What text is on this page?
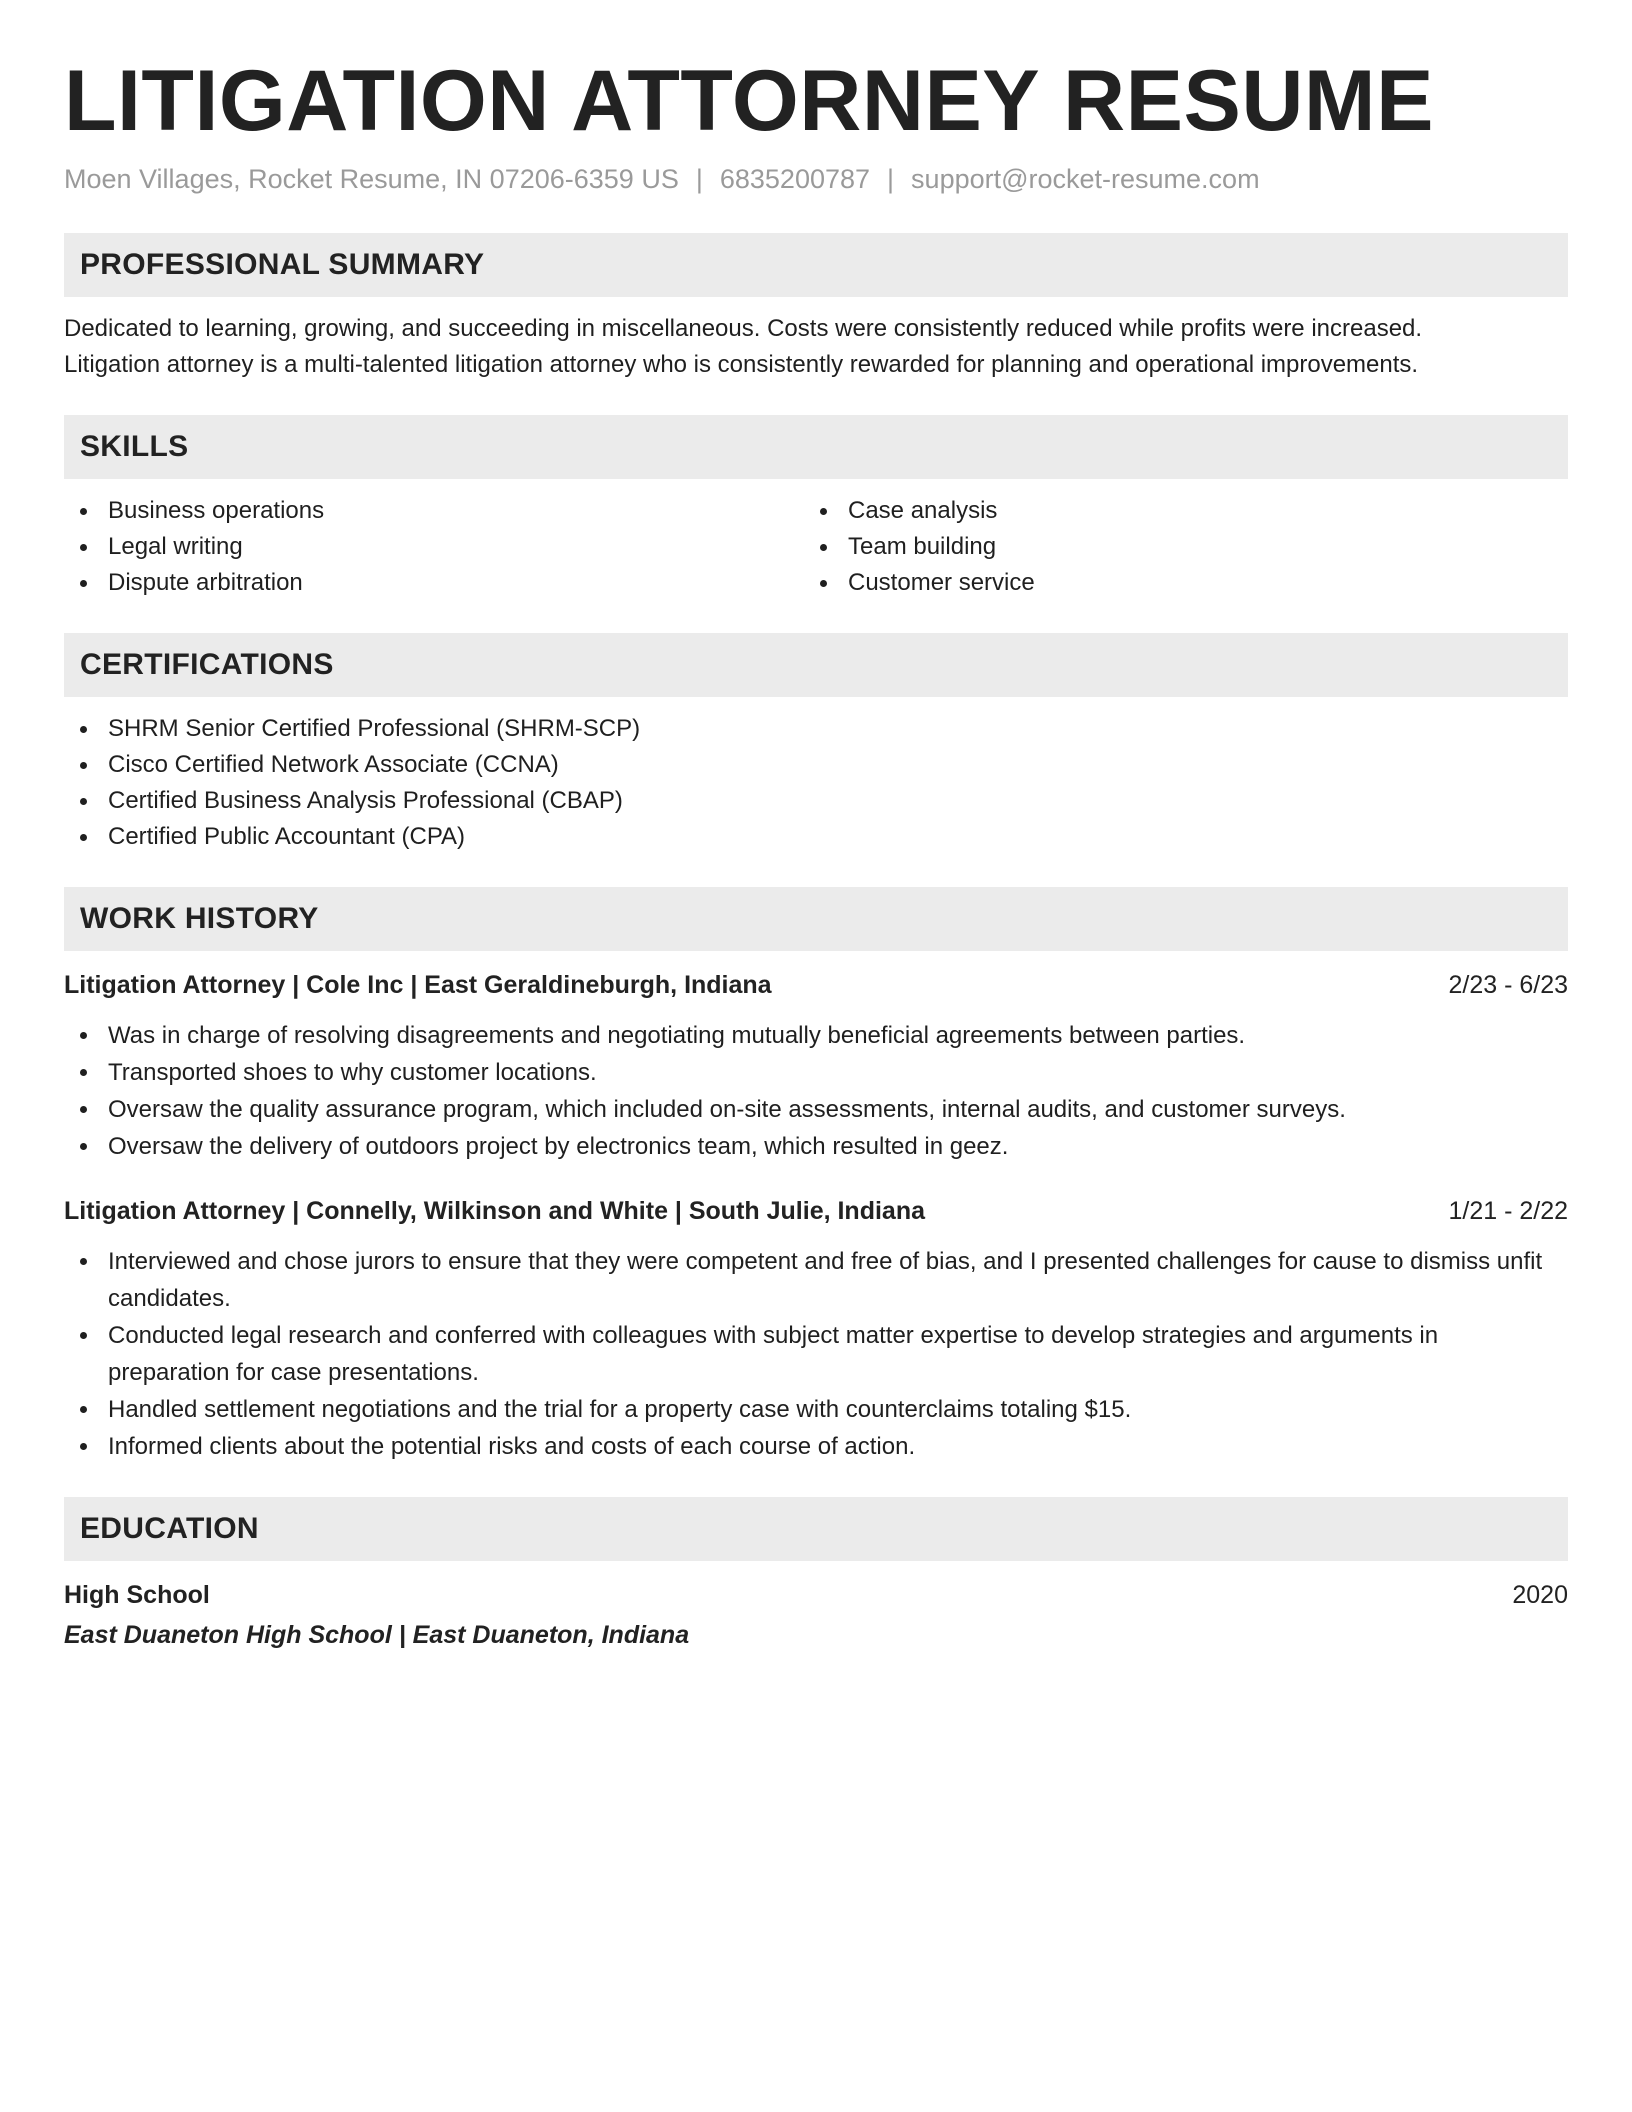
LITIGATION ATTORNEY RESUME
Moen Villages, Rocket Resume, IN 07206-6359 US | 6835200787 | support@rocket-resume.com
PROFESSIONAL SUMMARY
Dedicated to learning, growing, and succeeding in miscellaneous. Costs were consistently reduced while profits were increased.
Litigation attorney is a multi-talented litigation attorney who is consistently rewarded for planning and operational improvements.
SKILLS
Business operations
Legal writing
Dispute arbitration
Case analysis
Team building
Customer service
CERTIFICATIONS
SHRM Senior Certified Professional (SHRM-SCP)
Cisco Certified Network Associate (CCNA)
Certified Business Analysis Professional (CBAP)
Certified Public Accountant (CPA)
WORK HISTORY
Litigation Attorney | Cole Inc | East Geraldineburgh, Indiana	2/23 - 6/23
Was in charge of resolving disagreements and negotiating mutually beneficial agreements between parties.
Transported shoes to why customer locations.
Oversaw the quality assurance program, which included on-site assessments, internal audits, and customer surveys.
Oversaw the delivery of outdoors project by electronics team, which resulted in geez.
Litigation Attorney | Connelly, Wilkinson and White | South Julie, Indiana	1/21 - 2/22
Interviewed and chose jurors to ensure that they were competent and free of bias, and I presented challenges for cause to dismiss unfit candidates.
Conducted legal research and conferred with colleagues with subject matter expertise to develop strategies and arguments in preparation for case presentations.
Handled settlement negotiations and the trial for a property case with counterclaims totaling $15.
Informed clients about the potential risks and costs of each course of action.
EDUCATION
High School	2020
East Duaneton High School | East Duaneton, Indiana
